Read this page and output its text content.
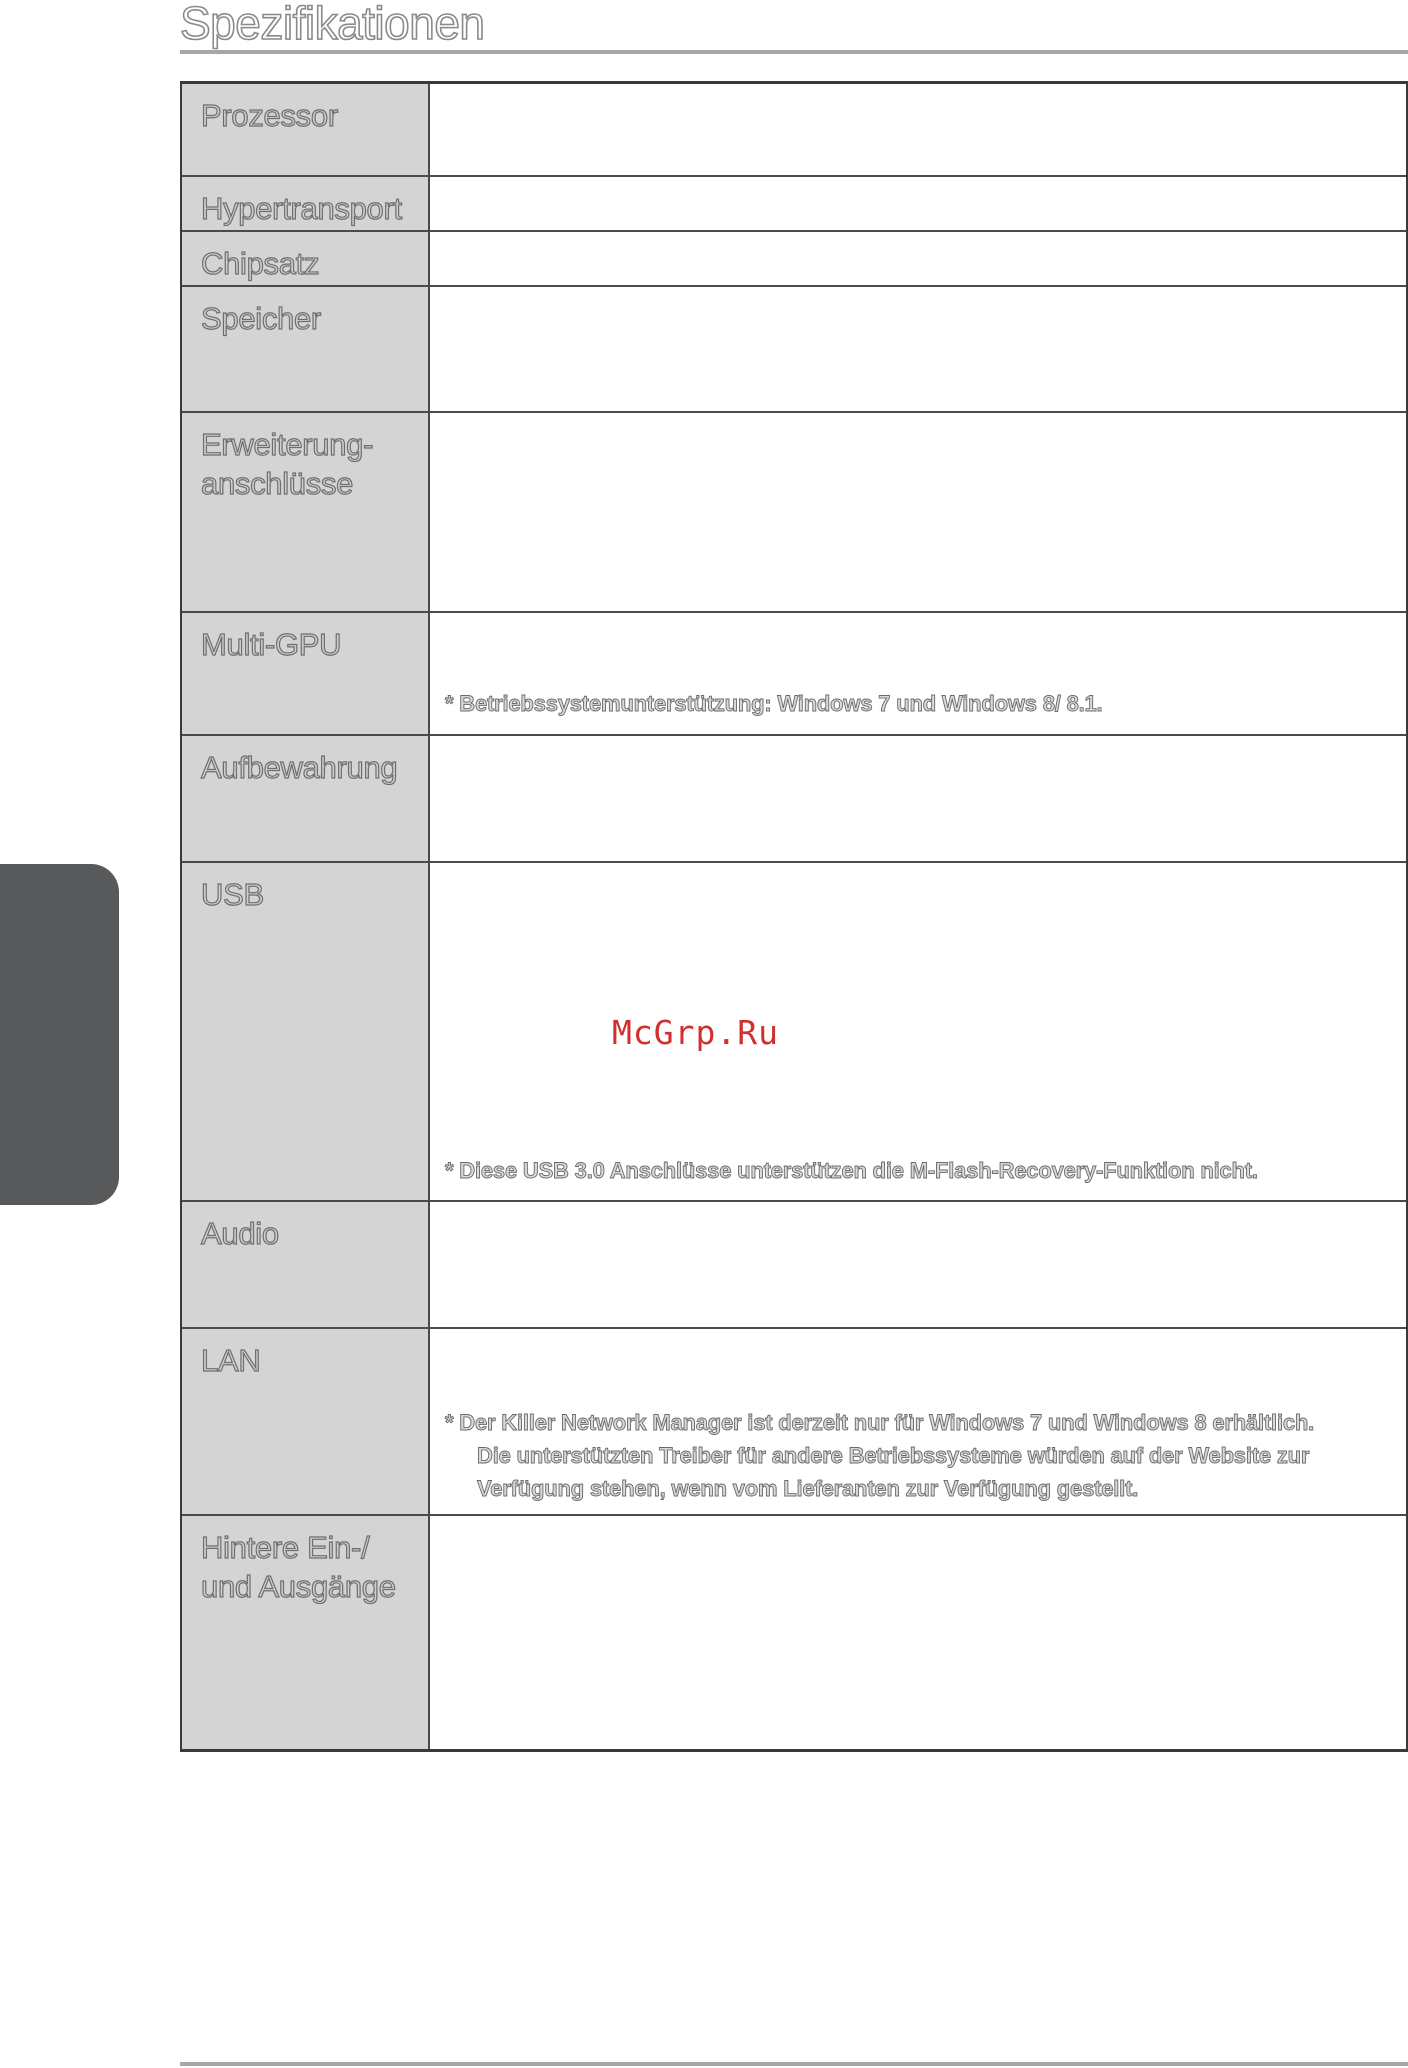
Spezifikationen
Prozessor
Hypertransport
Chipsatz
Speicher
Erweiterung-
anschlüsse
Multi-GPU
* Betriebssystemunterstützung: Windows 7 und Windows 8/ 8.1.
Aufbewahrung
USB
* Diese USB 3.0 Anschlüsse unterstützen die M-Flash-Recovery-Funktion nicht.
Audio
LAN
* Der Killer Network Manager ist derzeit nur für Windows 7 und Windows 8 erhältlich.
Die unterstützten Treiber für andere Betriebssysteme würden auf der Website zur
Verfügung stehen, wenn vom Lieferanten zur Verfügung gestellt.
Hintere Ein-/
und Ausgänge
McGrp.Ru
